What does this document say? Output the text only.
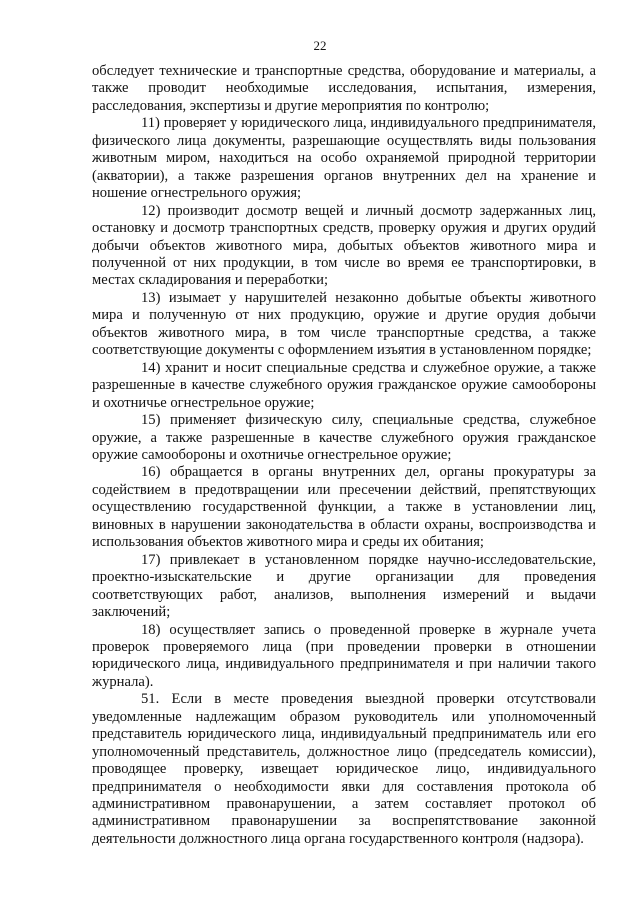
22

обследует технические и транспортные средства, оборудование и материалы, а также проводит необходимые исследования, испытания, измерения, расследования, экспертизы и другие мероприятия по контролю;

11) проверяет у юридического лица, индивидуального предпринимателя, физического лица документы, разрешающие осуществлять виды пользования животным миром, находиться на особо охраняемой природной территории (акватории), а также разрешения органов внутренних дел на хранение и ношение огнестрельного оружия;

12) производит досмотр вещей и личный досмотр задержанных лиц, остановку и досмотр транспортных средств, проверку оружия и других орудий добычи объектов животного мира, добытых объектов животного мира и полученной от них продукции, в том числе во время ее транспортировки, в местах складирования и переработки;

13) изымает у нарушителей незаконно добытые объекты животного мира и полученную от них продукцию, оружие и другие орудия добычи объектов животного мира, в том числе транспортные средства, а также соответствующие документы с оформлением изъятия в установленном порядке;

14) хранит и носит специальные средства и служебное оружие, а также разрешенные в качестве служебного оружия гражданское оружие самообороны и охотничье огнестрельное оружие;

15) применяет физическую силу, специальные средства, служебное оружие, а также разрешенные в качестве служебного оружия гражданское оружие самообороны и охотничье огнестрельное оружие;

16) обращается в органы внутренних дел, органы прокуратуры за содействием в предотвращении или пресечении действий, препятствующих осуществлению государственной функции, а также в установлении лиц, виновных в нарушении законодательства в области охраны, воспроизводства и использования объектов животного мира и среды их обитания;

17) привлекает в установленном порядке научно-исследовательские, проектно-изыскательские и другие организации для проведения соответствующих работ, анализов, выполнения измерений и выдачи заключений;

18) осуществляет запись о проведенной проверке в журнале учета проверок проверяемого лица (при проведении проверки в отношении юридического лица, индивидуального предпринимателя и при наличии такого журнала).

51. Если в месте проведения выездной проверки отсутствовали уведомленные надлежащим образом руководитель или уполномоченный представитель юридического лица, индивидуальный предприниматель или его уполномоченный представитель, должностное лицо (председатель комиссии), проводящее проверку, извещает юридическое лицо, индивидуального предпринимателя о необходимости явки для составления протокола об административном правонарушении, а затем составляет протокол об административном правонарушении за воспрепятствование законной деятельности должностного лица органа государственного контроля (надзора).
